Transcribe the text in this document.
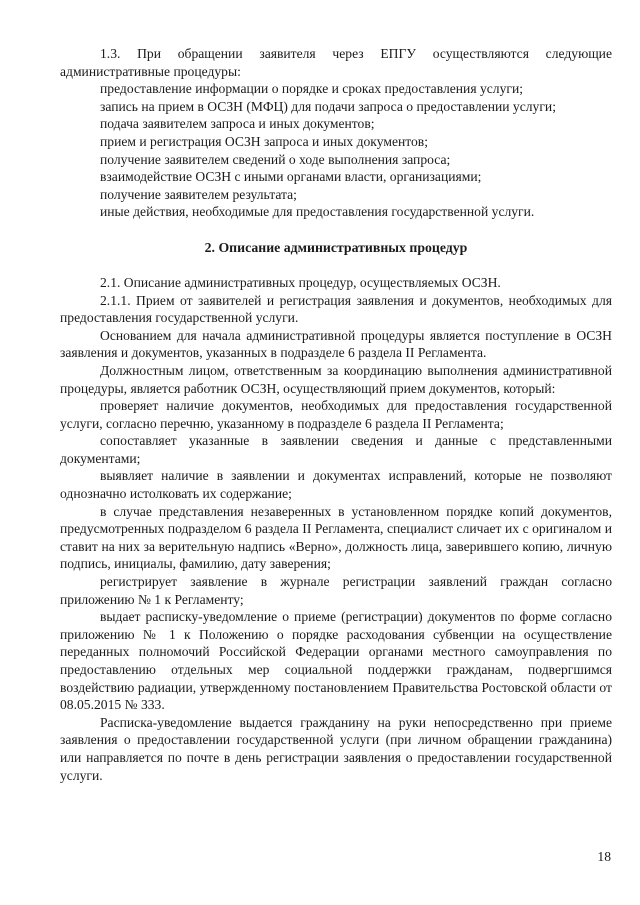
1.3. При обращении заявителя через ЕПГУ осуществляются следующие административные процедуры:

предоставление информации о порядке и сроках предоставления услуги;

запись на прием в ОСЗН (МФЦ) для подачи запроса о предоставлении услуги;

подача заявителем запроса и иных документов;

прием и регистрация ОСЗН запроса и иных документов;

получение заявителем сведений о ходе выполнения запроса;

взаимодействие ОСЗН с иными органами власти, организациями;

получение заявителем результата;

иные действия, необходимые для предоставления государственной услуги.

2. Описание административных процедур

2.1. Описание административных процедур, осуществляемых ОСЗН.

2.1.1. Прием от заявителей и регистрация заявления и документов, необходимых для предоставления государственной услуги.

Основанием для начала административной процедуры является поступление в ОСЗН заявления и документов, указанных в подразделе 6 раздела II Регламента.

Должностным лицом, ответственным за координацию выполнения административной процедуры, является работник ОСЗН, осуществляющий прием документов, который:

проверяет наличие документов, необходимых для предоставления государственной услуги, согласно перечню, указанному в подразделе 6 раздела II Регламента;

сопоставляет указанные в заявлении сведения и данные с представленными документами;

выявляет наличие в заявлении и документах исправлений, которые не позволяют однозначно истолковать их содержание;

в случае представления незаверенных в установленном порядке копий документов, предусмотренных подразделом 6 раздела II Регламента, специалист сличает их с оригиналом и ставит на них за верительную надпись «Верно», должность лица, заверившего копию, личную подпись, инициалы, фамилию, дату заверения;

регистрирует заявление в журнале регистрации заявлений граждан согласно приложению № 1 к Регламенту;

выдает расписку-уведомление о приеме (регистрации) документов по форме согласно приложению № 1 к Положению о порядке расходования субвенции на осуществление переданных полномочий Российской Федерации органами местного самоуправления по предоставлению отдельных мер социальной поддержки гражданам, подвергшимся воздействию радиации, утвержденному постановлением Правительства Ростовской области от 08.05.2015 № 333.

Расписка-уведомление выдается гражданину на руки непосредственно при приеме заявления о предоставлении государственной услуги (при личном обращении гражданина) или направляется по почте в день регистрации заявления о предоставлении государственной услуги.

18
